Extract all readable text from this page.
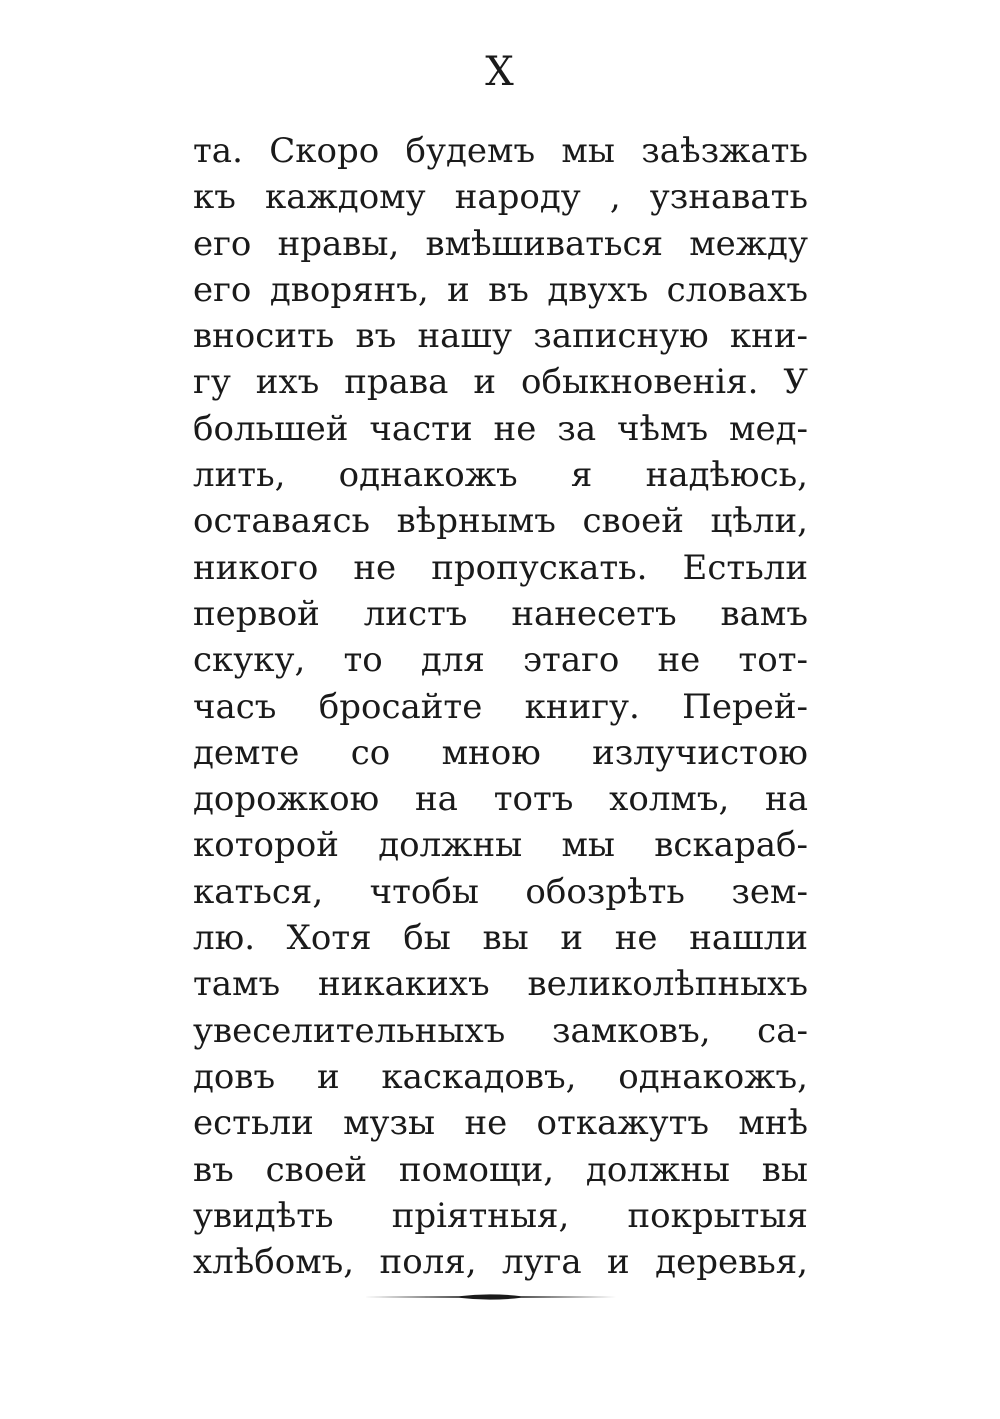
X
та. Скоро будемъ мы заѣзжать
къ каждому народу , узнавать
его нравы, вмѣшиваться между
его дворянъ, и въ двухъ словахъ
вносить въ нашу записную кни-
гу ихъ права и обыкновенія. У
большей части не за чѣмъ мед-
лить, однакожъ я надѣюсь,
оставаясь вѣрнымъ своей цѣли,
никого не пропускать. Естьли
первой листъ нанесетъ вамъ
скуку, то для этаго не тот-
часъ бросайте книгу. Перей-
демте со мною излучистою
дорожкою на тотъ холмъ, на
которой должны мы вскараб-
каться, чтобы обозрѣть зем-
лю. Хотя бы вы и не нашли
тамъ никакихъ великолѣпныхъ
увеселительныхъ замковъ, са-
довъ и каскадовъ, однакожъ,
естьли музы не откажутъ мнѣ
въ своей помощи, должны вы
увидѣть пріятныя, покрытыя
хлѣбомъ, поля, луга и деревья,
